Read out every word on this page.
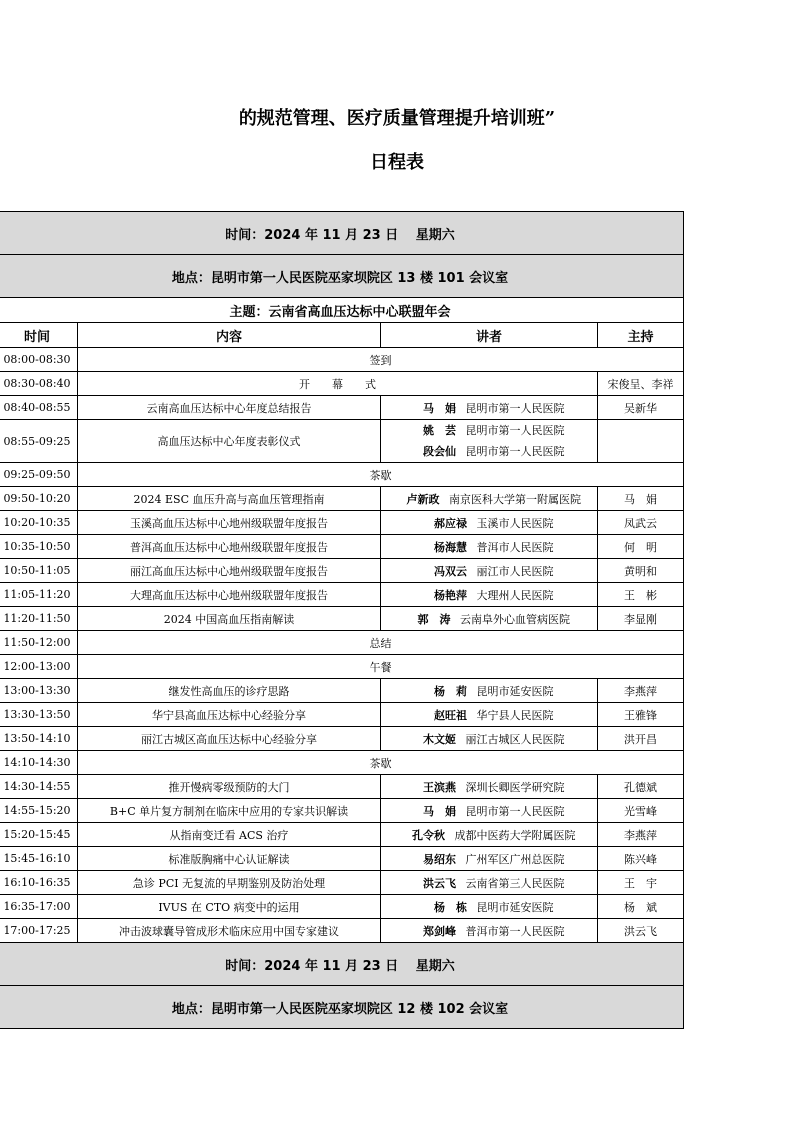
的规范管理、医疗质量管理提升培训班”
日程表
时间：2024 年 11 月 23 日　 星期六			
地点：昆明市第一人民医院巫家坝院区 13 楼 101 会议室			
主题：云南省高血压达标中心联盟年会			
时间	内容	讲者	主持
08:00-08:30	签到		
08:30-08:40	开　　幕　　式		宋俊呈、李祥
08:40-08:55	云南高血压达标中心年度总结报告	马　娟 昆明市第一人民医院	吴新华
08:55-09:25	高血压达标中心年度表彰仪式	姚　芸 昆明市第一人民医院
段会仙 昆明市第一人民医院	

09:25-09:50	茶歇		
09:50-10:20	2024 ESC 血压升高与高血压管理指南	卢新政 南京医科大学第一附属医院	马　娟
10:20-10:35	玉溪高血压达标中心地州级联盟年度报告	郝应禄 玉溪市人民医院	凤武云
10:35-10:50	普洱高血压达标中心地州级联盟年度报告	杨海慧 普洱市人民医院	何　明
10:50-11:05	丽江高血压达标中心地州级联盟年度报告	冯双云 丽江市人民医院	黄明和
11:05-11:20	大理高血压达标中心地州级联盟年度报告	杨艳萍 大理州人民医院	王　彬
11:20-11:50	2024 中国高血压指南解读	郭　涛 云南阜外心血管病医院	李显刚
11:50-12:00	总结		
12:00-13:00	午餐		
13:00-13:30	继发性高血压的诊疗思路	杨　莉 昆明市延安医院	李燕萍
13:30-13:50	华宁县高血压达标中心经验分享	赵旺祖 华宁县人民医院	王雅锋
13:50-14:10	丽江古城区高血压达标中心经验分享	木文姬 丽江古城区人民医院	洪开昌
14:10-14:30	茶歇		
14:30-14:55	推开慢病零级预防的大门	王滨燕 深圳长卿医学研究院	孔德斌
14:55-15:20	B+C 单片复方制剂在临床中应用的专家共识解读	马　娟 昆明市第一人民医院	光雪峰
15:20-15:45	从指南变迁看 ACS 治疗	孔令秋 成都中医药大学附属医院	李燕萍
15:45-16:10	标准版胸痛中心认证解读	易绍东 广州军区广州总医院	陈兴峰
16:10-16:35	急诊 PCI 无复流的早期鉴别及防治处理	洪云飞 云南省第三人民医院	王　宇
16:35-17:00	IVUS 在 CTO 病变中的运用	杨　栋 昆明市延安医院	杨　斌
17:00-17:25	冲击波球囊导管成形术临床应用中国专家建议	郑剑峰 普洱市第一人民医院	洪云飞
时间：2024 年 11 月 23 日　 星期六			
地点：昆明市第一人民医院巫家坝院区 12 楼 102 会议室			
